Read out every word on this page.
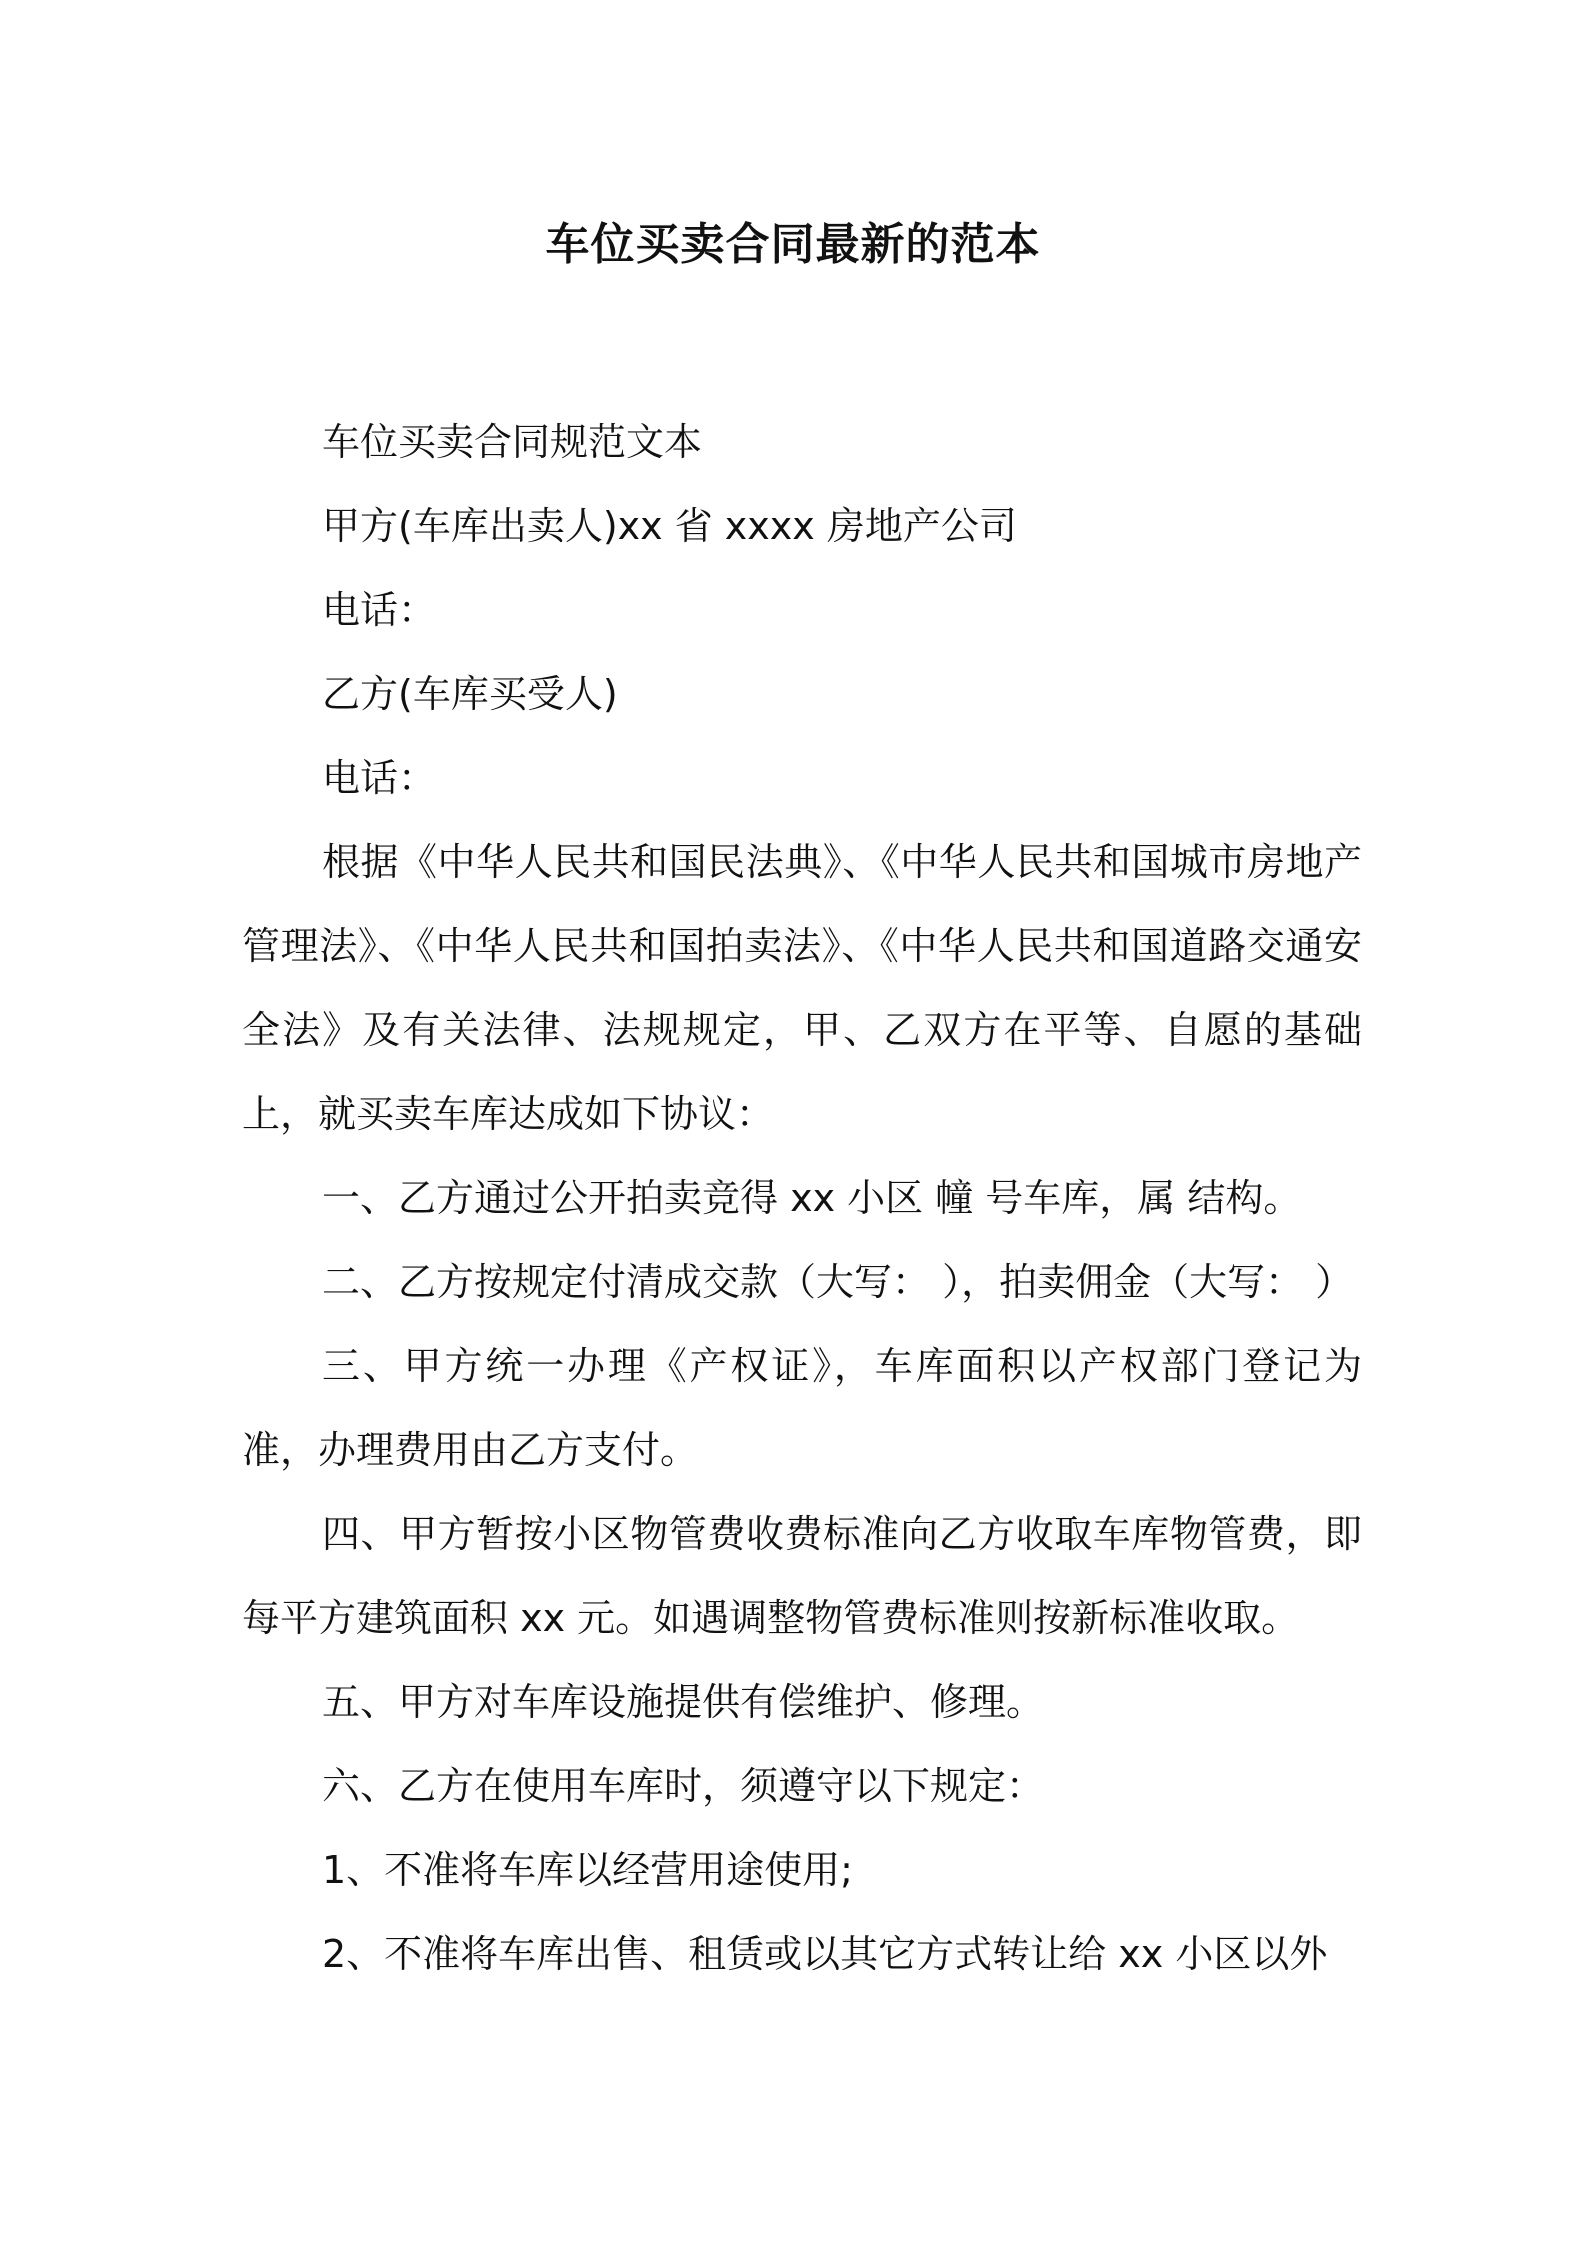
车位买卖合同最新的范本

车位买卖合同规范文本

甲方(车库出卖人)xx 省 xxxx 房地产公司

电话：

乙方(车库买受人)

电话：

根据《中华人民共和国民法典》、《中华人民共和国城市房地产管理法》、《中华人民共和国拍卖法》、《中华人民共和国道路交通安全法》及有关法律、法规规定，甲、乙双方在平等、自愿的基础上，就买卖车库达成如下协议：

一、乙方通过公开拍卖竞得 xx 小区 幢 号车库，属 结构。

二、乙方按规定付清成交款（大写： ），拍卖佣金（大写： ）

三、甲方统一办理《产权证》，车库面积以产权部门登记为准，办理费用由乙方支付。

四、甲方暂按小区物管费收费标准向乙方收取车库物管费，即每平方建筑面积 xx 元。如遇调整物管费标准则按新标准收取。

五、甲方对车库设施提供有偿维护、修理。

六、乙方在使用车库时，须遵守以下规定：

1、不准将车库以经营用途使用;

2、不准将车库出售、租赁或以其它方式转让给 xx 小区以外
